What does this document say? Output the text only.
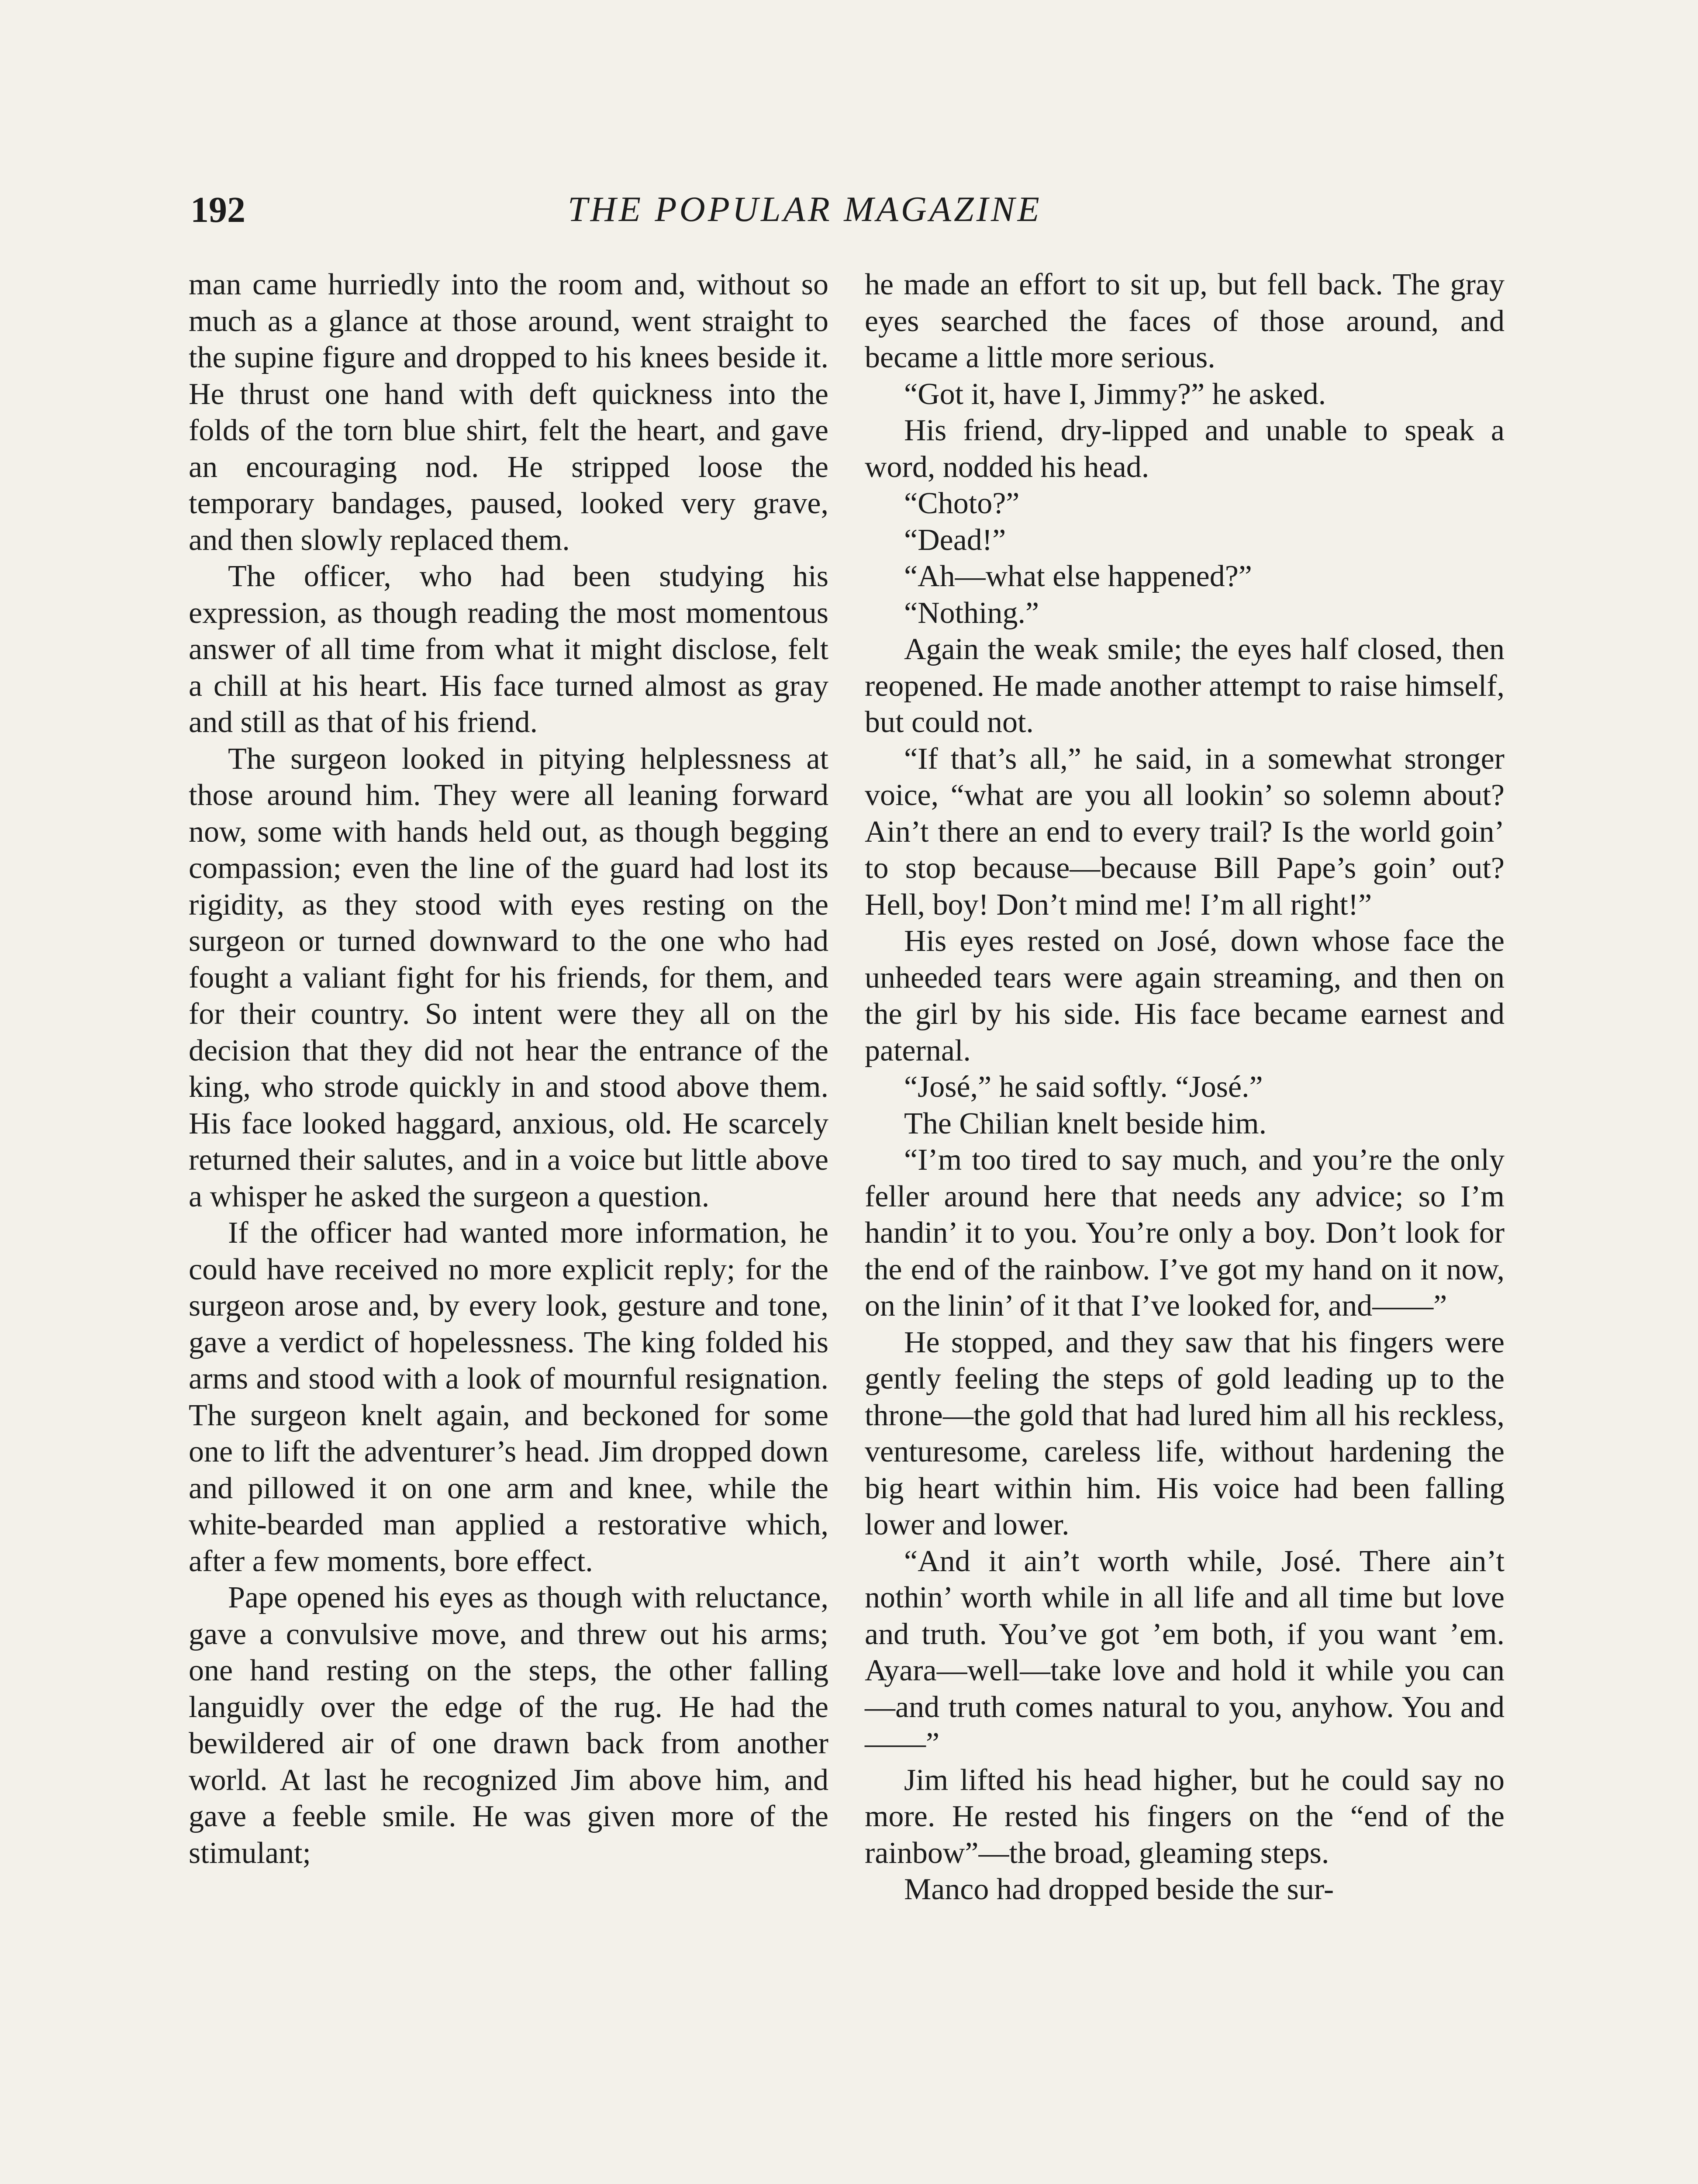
192	THE POPULAR MAGAZINE

man came hurriedly into the room and, without so much as a glance at those around, went straight to the supine figure and dropped to his knees beside it. He thrust one hand with deft quickness into the folds of the torn blue shirt, felt the heart, and gave an encouraging nod. He stripped loose the temporary bandages, paused, looked very grave, and then slowly replaced them.

The officer, who had been studying his expression, as though reading the most momentous answer of all time from what it might disclose, felt a chill at his heart. His face turned almost as gray and still as that of his friend.

The surgeon looked in pitying helplessness at those around him. They were all leaning forward now, some with hands held out, as though begging compassion; even the line of the guard had lost its rigidity, as they stood with eyes resting on the surgeon or turned downward to the one who had fought a valiant fight for his friends, for them, and for their country. So intent were they all on the decision that they did not hear the entrance of the king, who strode quickly in and stood above them. His face looked haggard, anxious, old. He scarcely returned their salutes, and in a voice but little above a whisper he asked the surgeon a question.

If the officer had wanted more information, he could have received no more explicit reply; for the surgeon arose and, by every look, gesture and tone, gave a verdict of hopelessness. The king folded his arms and stood with a look of mournful resignation. The surgeon knelt again, and beckoned for some one to lift the adventurer’s head. Jim dropped down and pillowed it on one arm and knee, while the white-bearded man applied a restorative which, after a few moments, bore effect.

Pape opened his eyes as though with reluctance, gave a convulsive move, and threw out his arms; one hand resting on the steps, the other falling languidly over the edge of the rug. He had the bewildered air of one drawn back from another world. At last he recognized Jim above him, and gave a feeble smile. He was given more of the stimulant;

he made an effort to sit up, but fell back. The gray eyes searched the faces of those around, and became a little more serious.

“Got it, have I, Jimmy?” he asked.

His friend, dry-lipped and unable to speak a word, nodded his head.

“Choto?”

“Dead!”

“Ah—what else happened?”

“Nothing.”

Again the weak smile; the eyes half closed, then reopened. He made another attempt to raise himself, but could not.

“If that’s all,” he said, in a somewhat stronger voice, “what are you all lookin’ so solemn about? Ain’t there an end to every trail? Is the world goin’ to stop because—because Bill Pape’s goin’ out? Hell, boy! Don’t mind me! I’m all right!”

His eyes rested on José, down whose face the unheeded tears were again streaming, and then on the girl by his side. His face became earnest and paternal.

“José,” he said softly. “José.”

The Chilian knelt beside him.

“I’m too tired to say much, and you’re the only feller around here that needs any advice; so I’m handin’ it to you. You’re only a boy. Don’t look for the end of the rainbow. I’ve got my hand on it now, on the linin’ of it that I’ve looked for, and——”

He stopped, and they saw that his fingers were gently feeling the steps of gold leading up to the throne—the gold that had lured him all his reckless, venturesome, careless life, without hardening the big heart within him. His voice had been falling lower and lower.

“And it ain’t worth while, José. There ain’t nothin’ worth while in all life and all time but love and truth. You’ve got ’em both, if you want ’em. Ayara—well—take love and hold it while you can—and truth comes natural to you, anyhow. You and——”

Jim lifted his head higher, but he could say no more. He rested his fingers on the “end of the rainbow”—the broad, gleaming steps.

Manco had dropped beside the sur-
